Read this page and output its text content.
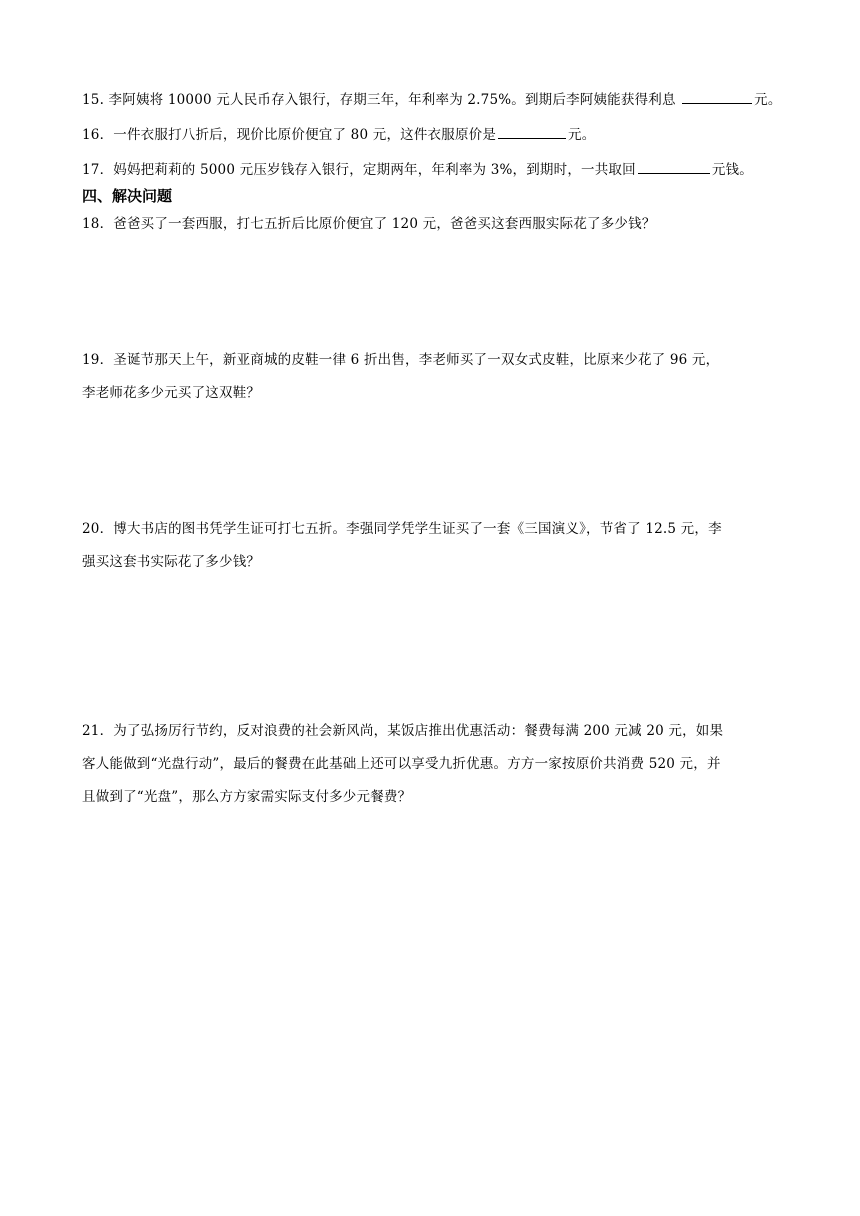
15. 李阿姨将 10000 元人民币存入银行，存期三年，年利率为 2.75%。到期后李阿姨能获得利息	元。
16．一件衣服打八折后，现价比原价便宜了 80 元，这件衣服原价是	元。
17．妈妈把莉莉的 5000 元压岁钱存入银行，定期两年，年利率为 3%，到期时，一共取回	元钱。
四、解决问题
18．爸爸买了一套西服，打七五折后比原价便宜了 120 元，爸爸买这套西服实际花了多少钱？
19．圣诞节那天上午，新亚商城的皮鞋一律 6 折出售，李老师买了一双女式皮鞋，比原来少花了 96 元，
李老师花多少元买了这双鞋？
20．博大书店的图书凭学生证可打七五折。李强同学凭学生证买了一套《三国演义》，节省了 12.5 元，李
强买这套书实际花了多少钱？
21．为了弘扬厉行节约，反对浪费的社会新风尚，某饭店推出优惠活动：餐费每满 200 元减 20 元，如果
客人能做到“光盘行动”，最后的餐费在此基础上还可以享受九折优惠。方方一家按原价共消费 520 元，并
且做到了“光盘”，那么方方家需实际支付多少元餐费？
